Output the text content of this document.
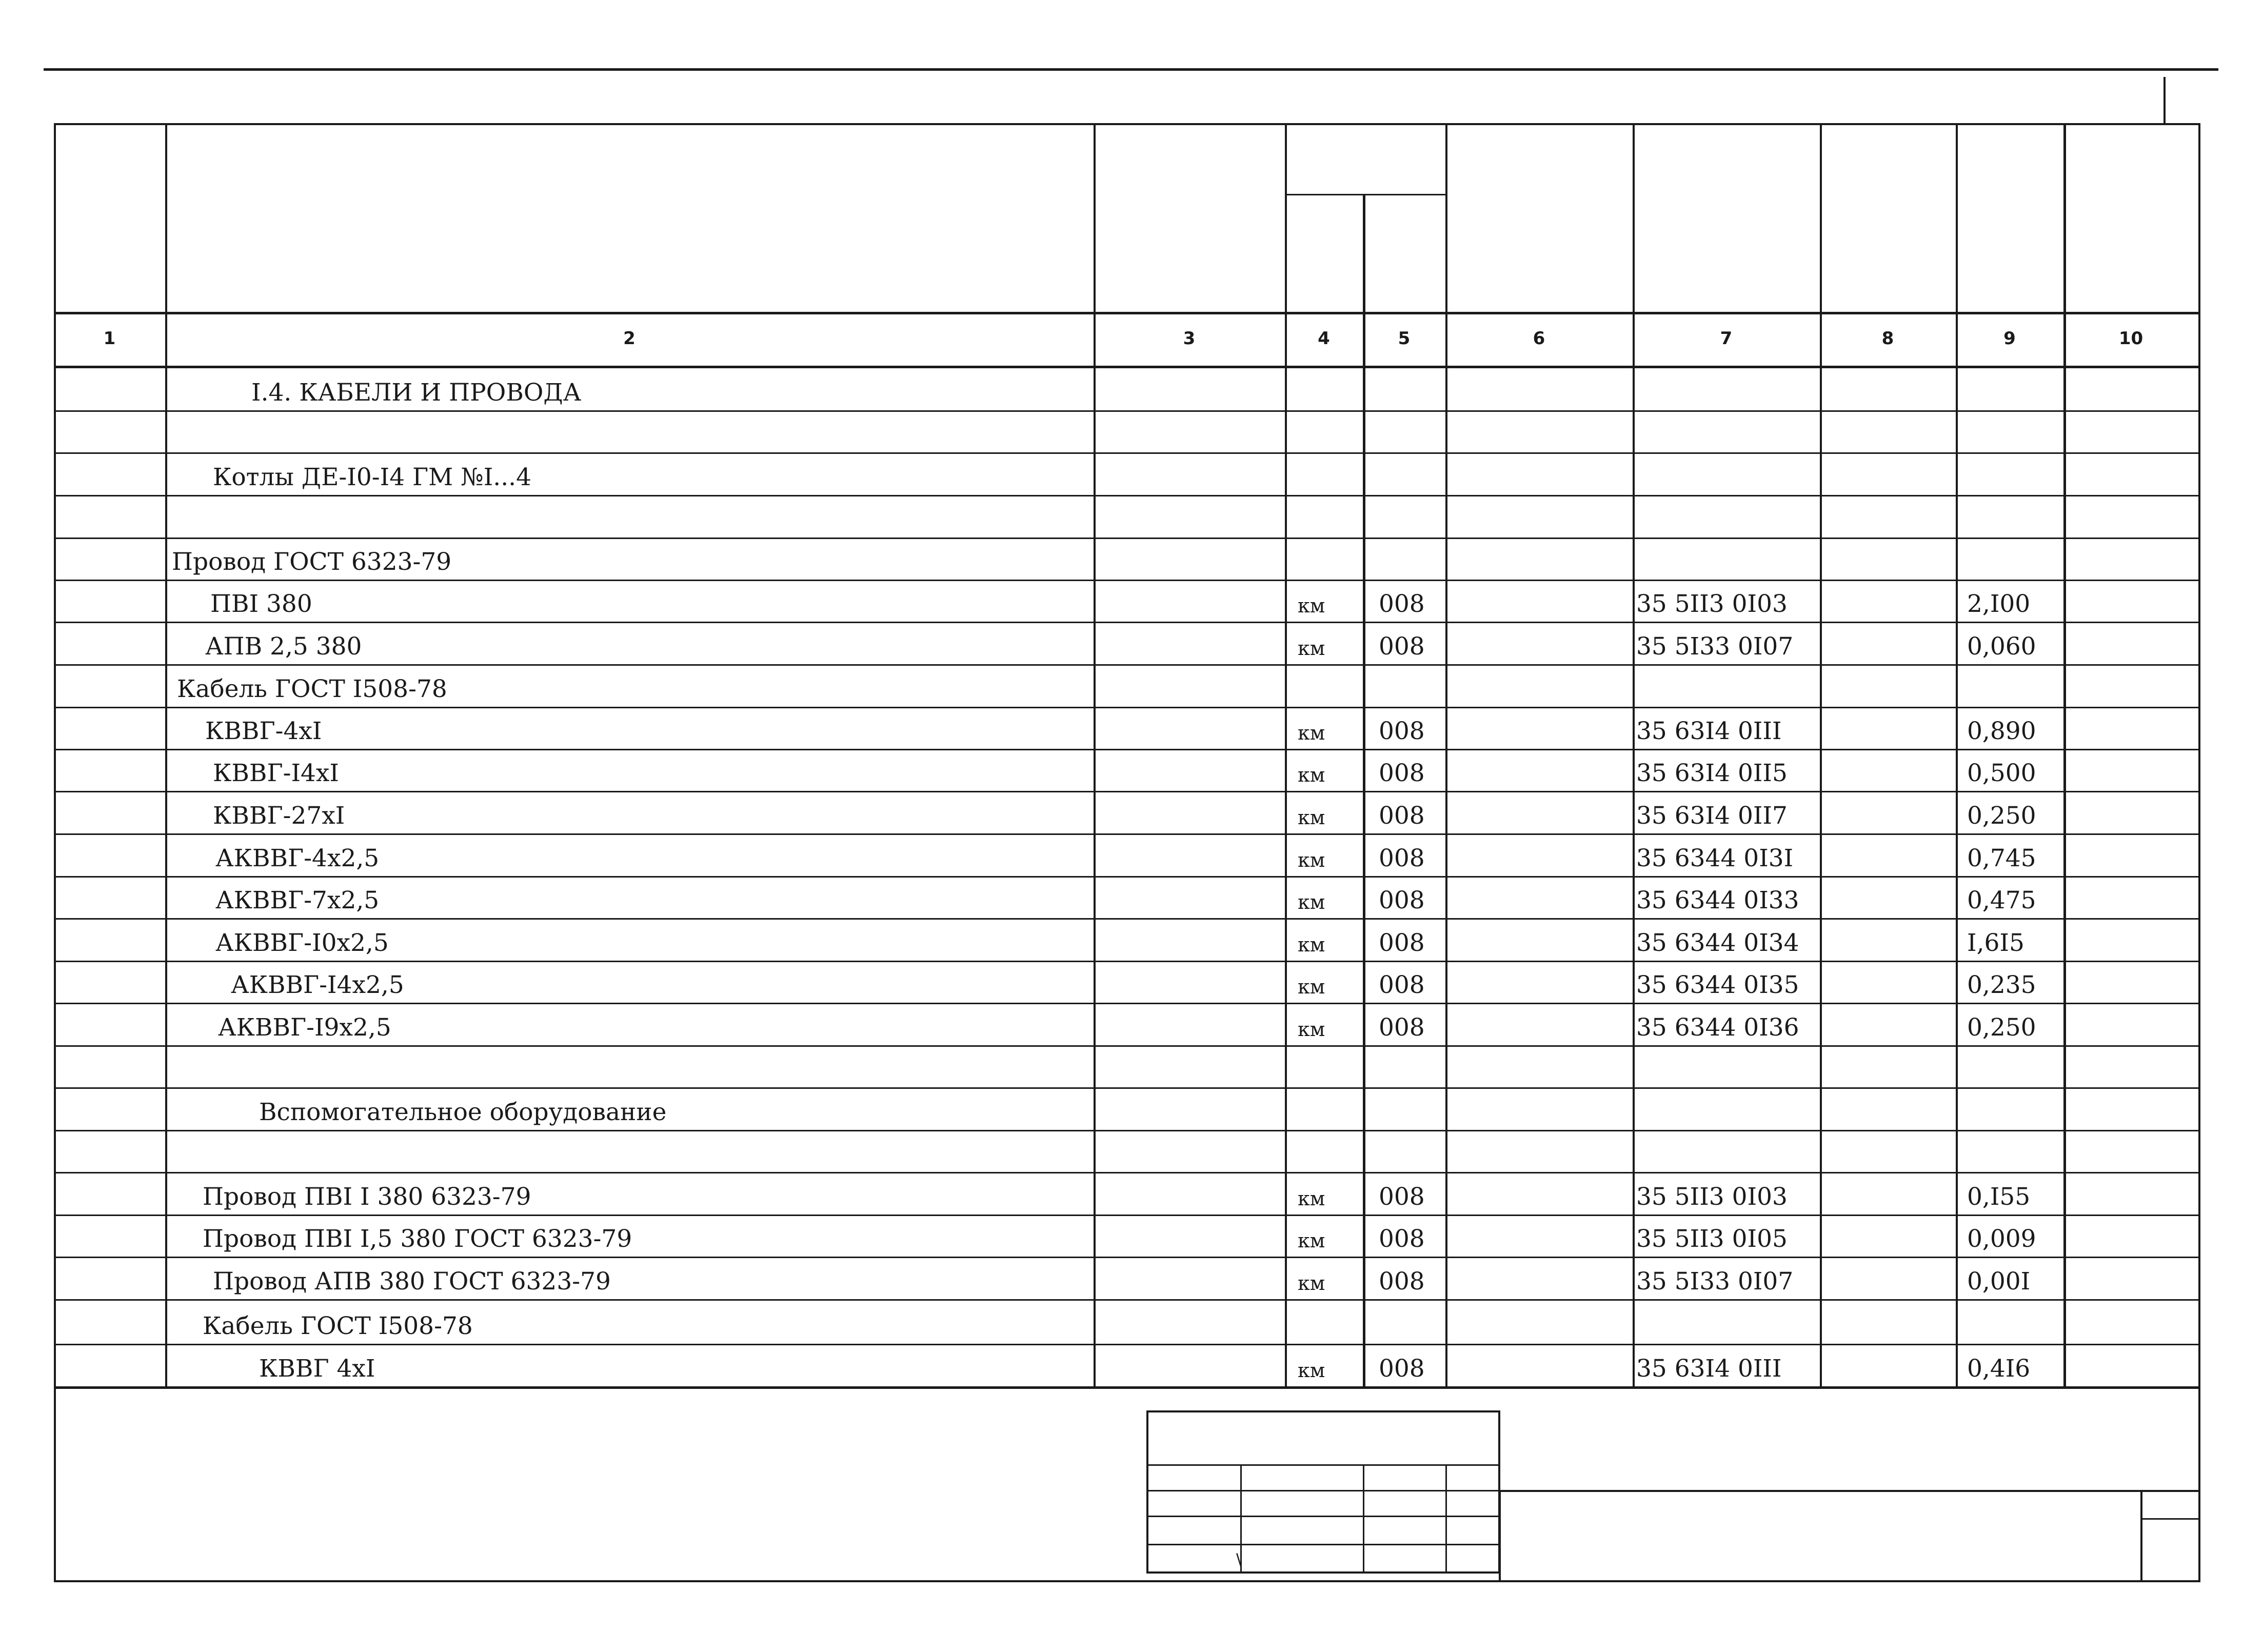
1	2	3	4	5	6	7	8	9	10
I.4. КАБЕЛИ И ПРОВОДА
Котлы ДЕ-I0-I4 ГМ №I...4
Провод ГОСТ 6323-79
ПВI 380	км 008	35 5II3 0I03	2,I00
АПВ 2,5 380	км 008	35 5I33 0I07	0,060
Кабель ГОСТ I508-78
КВВГ-4хI	км 008	35 63I4 0III	0,890
КВВГ-I4хI	км 008	35 63I4 0II5	0,500
КВВГ-27хI	км 008	35 63I4 0II7	0,250
АКВВГ-4х2,5	км 008	35 6344 0I3I	0,745
АКВВГ-7х2,5	км 008	35 6344 0I33	0,475
АКВВГ-I0х2,5	км 008	35 6344 0I34	I,6I5
АКВВГ-I4х2,5	км 008	35 6344 0I35	0,235
АКВВГ-I9х2,5	км 008	35 6344 0I36	0,250
Вспомогательное оборудование
Провод ПВI I 380 6323-79	км 008	35 5II3 0I03	0,I55
Провод ПВI I,5 380 ГОСТ 6323-79	км 008	35 5II3 0I05	0,009
Провод АПВ 380 ГОСТ 6323-79	км 008	35 5I33 0I07	0,00I
Кабель ГОСТ I508-78
КВВГ 4хI	км 008	35 63I4 0III	0,4I6
\
